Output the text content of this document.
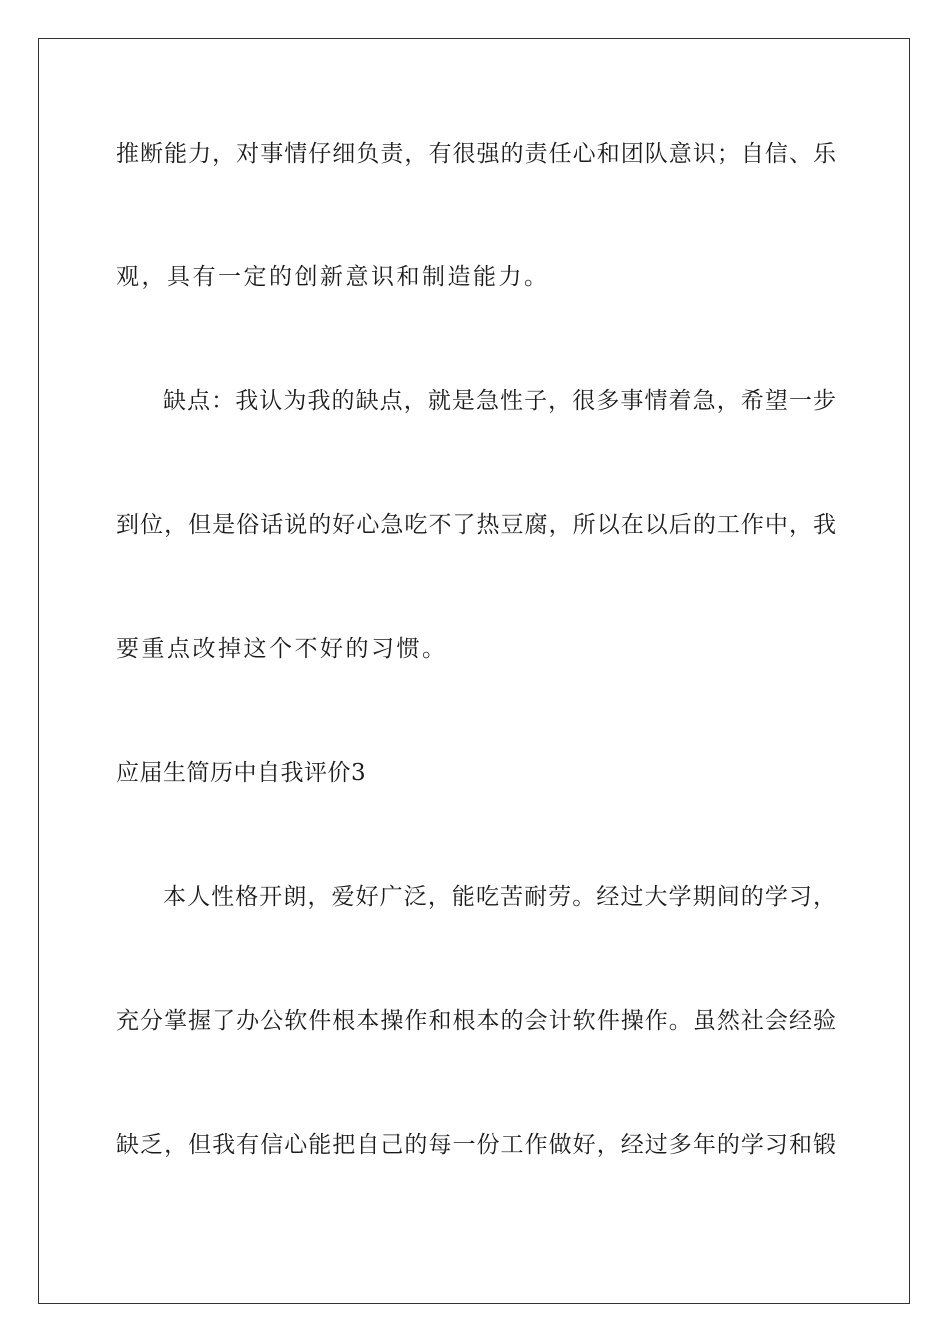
推断能力，对事情仔细负责，有很强的责任心和团队意识；自信、乐
观，具有一定的创新意识和制造能力。
缺点：我认为我的缺点，就是急性子，很多事情着急，希望一步
到位，但是俗话说的好心急吃不了热豆腐，所以在以后的工作中，我
要重点改掉这个不好的习惯。
应届生简历中自我评价3
本人性格开朗，爱好广泛，能吃苦耐劳。经过大学期间的学习，
充分掌握了办公软件根本操作和根本的会计软件操作。虽然社会经验
缺乏，但我有信心能把自己的每一份工作做好，经过多年的学习和锻
